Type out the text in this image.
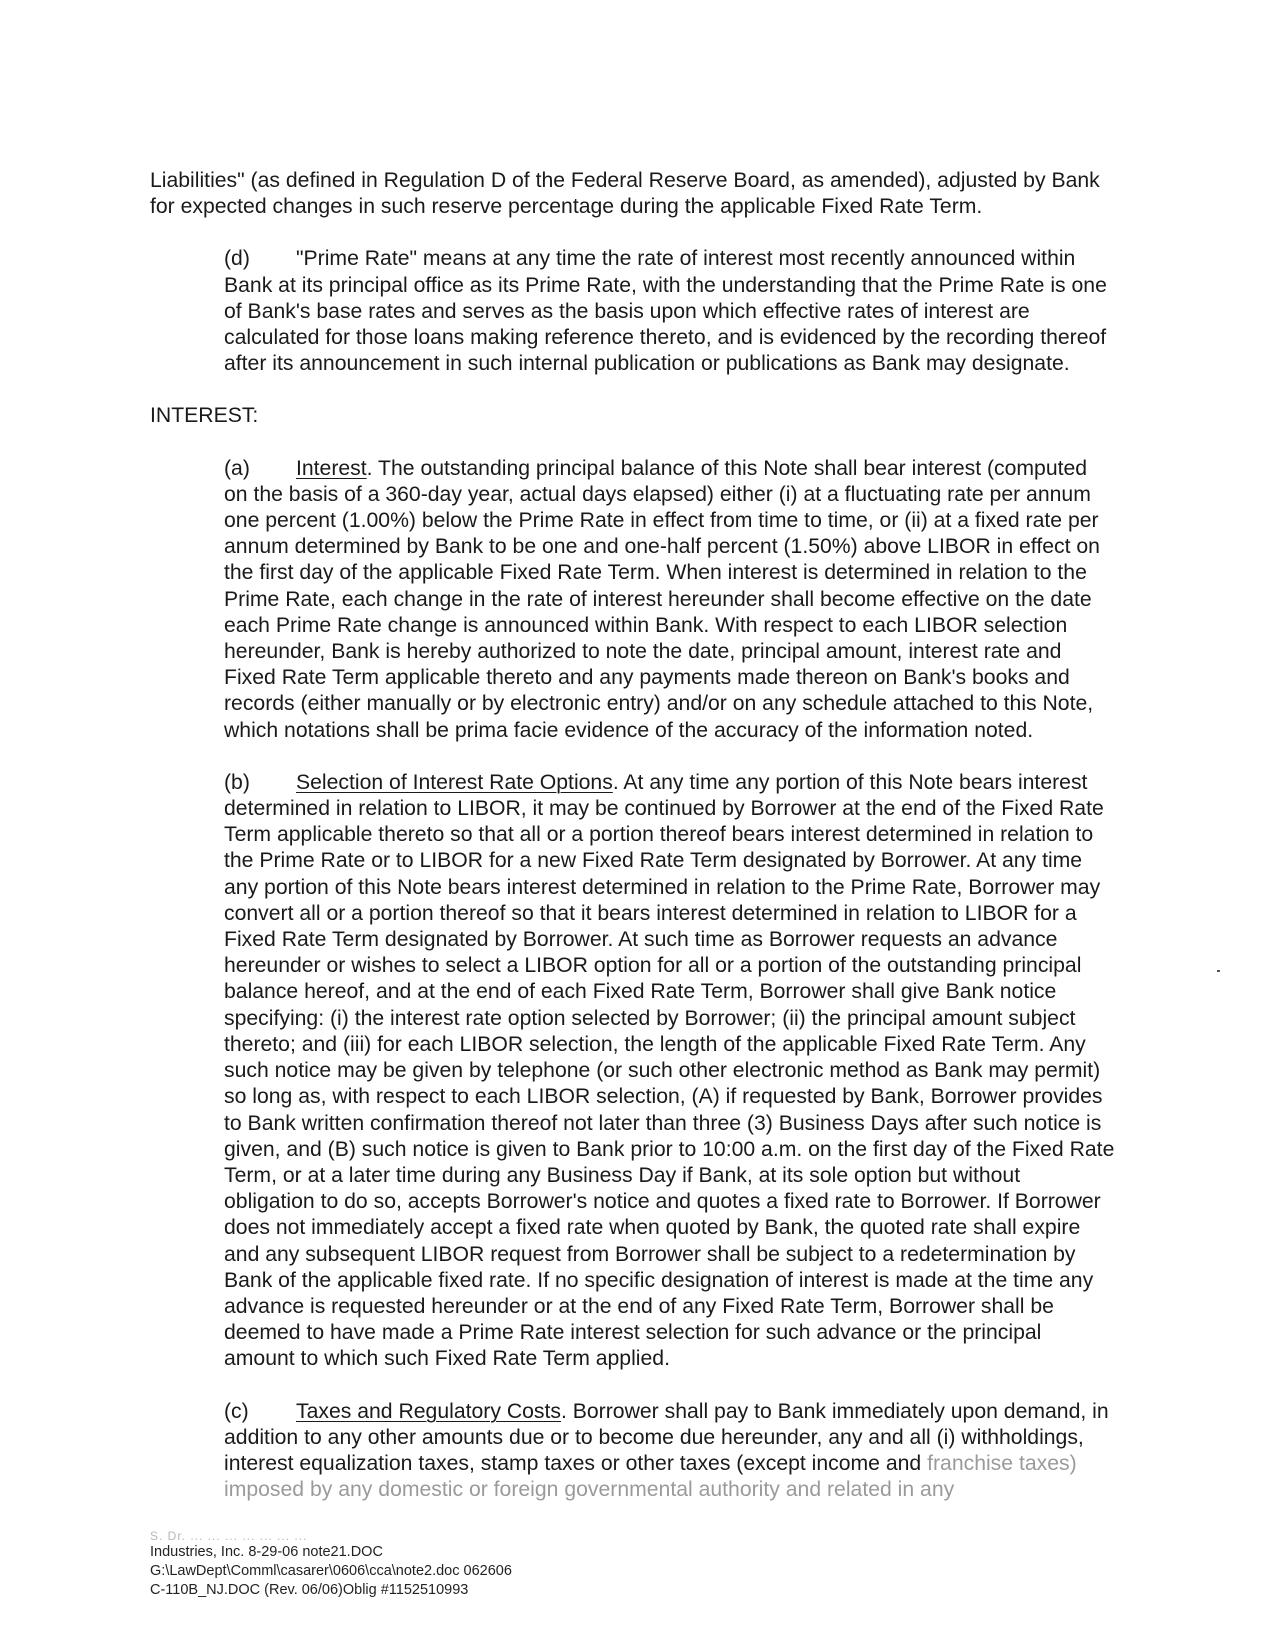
Liabilities" (as defined in Regulation D of the Federal Reserve Board, as amended), adjusted by Bank for expected changes in such reserve percentage during the applicable Fixed Rate Term.

(d) "Prime Rate" means at any time the rate of interest most recently announced within Bank at its principal office as its Prime Rate, with the understanding that the Prime Rate is one of Bank's base rates and serves as the basis upon which effective rates of interest are calculated for those loans making reference thereto, and is evidenced by the recording thereof after its announcement in such internal publication or publications as Bank may designate.

INTEREST:

(a) Interest. The outstanding principal balance of this Note shall bear interest (computed on the basis of a 360-day year, actual days elapsed) either (i) at a fluctuating rate per annum one percent (1.00%) below the Prime Rate in effect from time to time, or (ii) at a fixed rate per annum determined by Bank to be one and one-half percent (1.50%) above LIBOR in effect on the first day of the applicable Fixed Rate Term. When interest is determined in relation to the Prime Rate, each change in the rate of interest hereunder shall become effective on the date each Prime Rate change is announced within Bank. With respect to each LIBOR selection hereunder, Bank is hereby authorized to note the date, principal amount, interest rate and Fixed Rate Term applicable thereto and any payments made thereon on Bank's books and records (either manually or by electronic entry) and/or on any schedule attached to this Note, which notations shall be prima facie evidence of the accuracy of the information noted.

(b) Selection of Interest Rate Options. At any time any portion of this Note bears interest determined in relation to LIBOR, it may be continued by Borrower at the end of the Fixed Rate Term applicable thereto so that all or a portion thereof bears interest determined in relation to the Prime Rate or to LIBOR for a new Fixed Rate Term designated by Borrower. At any time any portion of this Note bears interest determined in relation to the Prime Rate, Borrower may convert all or a portion thereof so that it bears interest determined in relation to LIBOR for a Fixed Rate Term designated by Borrower. At such time as Borrower requests an advance hereunder or wishes to select a LIBOR option for all or a portion of the outstanding principal balance hereof, and at the end of each Fixed Rate Term, Borrower shall give Bank notice specifying: (i) the interest rate option selected by Borrower; (ii) the principal amount subject thereto; and (iii) for each LIBOR selection, the length of the applicable Fixed Rate Term. Any such notice may be given by telephone (or such other electronic method as Bank may permit) so long as, with respect to each LIBOR selection, (A) if requested by Bank, Borrower provides to Bank written confirmation thereof not later than three (3) Business Days after such notice is given, and (B) such notice is given to Bank prior to 10:00 a.m. on the first day of the Fixed Rate Term, or at a later time during any Business Day if Bank, at its sole option but without obligation to do so, accepts Borrower's notice and quotes a fixed rate to Borrower. If Borrower does not immediately accept a fixed rate when quoted by Bank, the quoted rate shall expire and any subsequent LIBOR request from Borrower shall be subject to a redetermination by Bank of the applicable fixed rate. If no specific designation of interest is made at the time any advance is requested hereunder or at the end of any Fixed Rate Term, Borrower shall be deemed to have made a Prime Rate interest selection for such advance or the principal amount to which such Fixed Rate Term applied.

(c) Taxes and Regulatory Costs. Borrower shall pay to Bank immediately upon demand, in addition to any other amounts due or to become due hereunder, any and all (i) withholdings, interest equalization taxes, stamp taxes or other taxes (except income and franchise taxes) imposed by any domestic or foreign governmental authority and related in any

S. Dr. ... ... ... ... ... ... ...
Industries, Inc. 8-29-06 note21.DOC
G:\LawDept\Comml\casarer\0606\cca\note2.doc 062606
C-110B_NJ.DOC (Rev. 06/06)Oblig #1152510993
